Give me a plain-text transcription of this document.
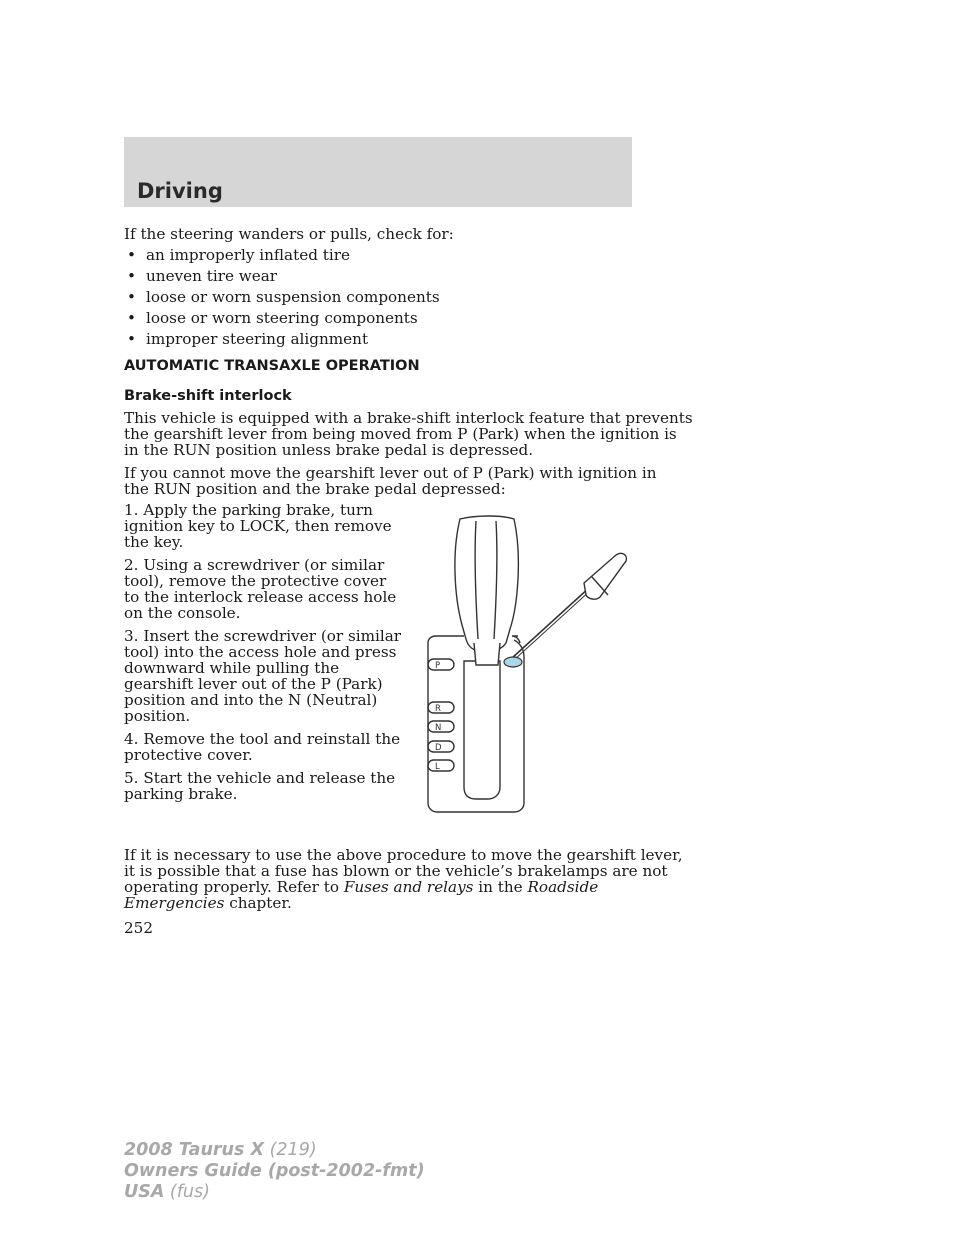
Driving

If the steering wanders or pulls, check for:

• an improperly inflated tire
• uneven tire wear
• loose or worn suspension components
• loose or worn steering components
• improper steering alignment
AUTOMATIC TRANSAXLE OPERATION
Brake-shift interlock

This vehicle is equipped with a brake-shift interlock feature that prevents

the gearshift lever from being moved from P (Park) when the ignition is

in the RUN position unless brake pedal is depressed.

If you cannot move the gearshift lever out of P (Park) with ignition in

the RUN position and the brake pedal depressed:

1. Apply the parking brake, turn

ignition key to LOCK, then remove

the key.

2. Using a screwdriver (or similar

tool), remove the protective cover

to the interlock release access hole

on the console.

3. Insert the screwdriver (or similar

tool) into the access hole and press

downward while pulling the

gearshift lever out of the P (Park)

position and into the N (Neutral)

position.

4. Remove the tool and reinstall the

protective cover.

5. Start the vehicle and release the

parking brake.

If it is necessary to use the above procedure to move the gearshift lever,

it is possible that a fuse has blown or the vehicle’s brakelamps are not

operating properly. Refer to Fuses and relays in the Roadside

Emergencies chapter.

252
P
R
N
D
L
2008 Taurus X (219)
Owners Guide (post-2002-fmt)
USA (fus)
